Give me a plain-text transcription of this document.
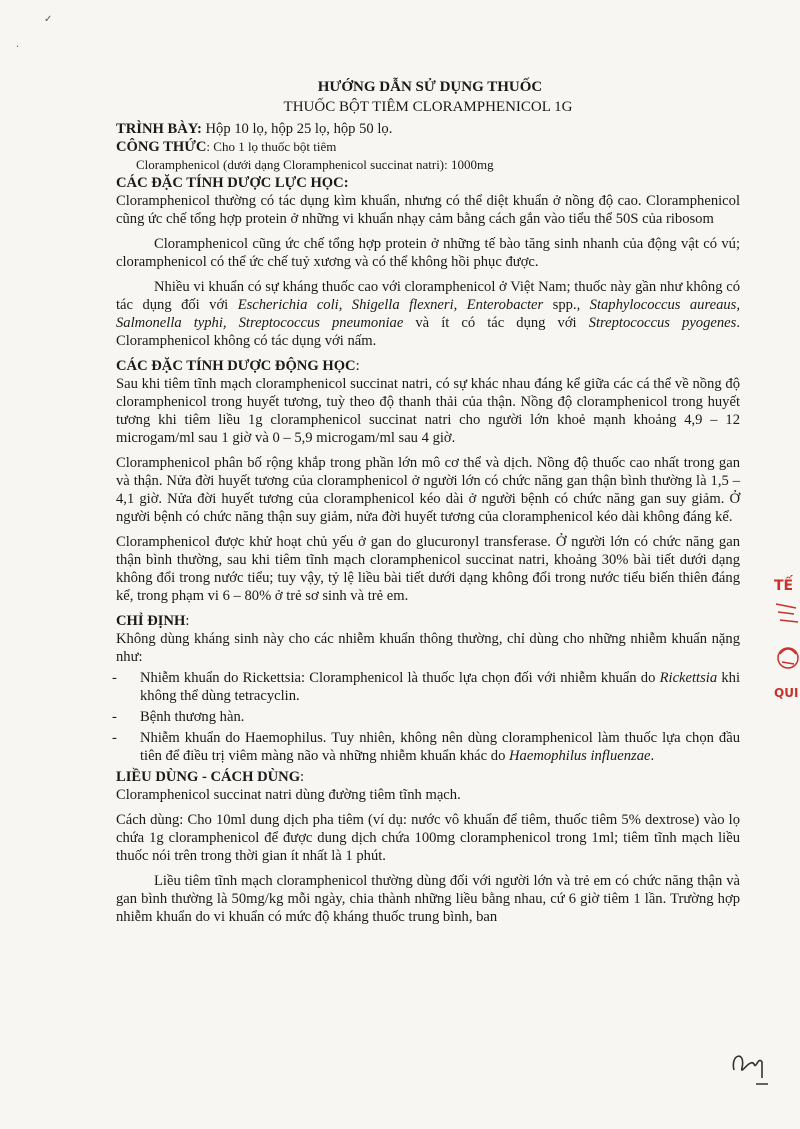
✓
·

HƯỚNG DẪN SỬ DỤNG THUỐC

THUỐC BỘT TIÊM CLORAMPHENICOL 1G

TRÌNH BÀY: Hộp 10 lọ, hộp 25 lọ, hộp 50 lọ.

CÔNG THỨC: Cho 1 lọ thuốc bột tiêm

Cloramphenicol (dưới dạng Cloramphenicol succinat natri): 1000mg

CÁC ĐẶC TÍNH DƯỢC LỰC HỌC:

Cloramphenicol thường có tác dụng kìm khuẩn, nhưng có thể diệt khuẩn ở nồng độ cao. Cloramphenicol cũng ức chế tổng hợp protein ở những vi khuẩn nhạy cảm bằng cách gắn vào tiểu thể 50S của ribosom

Cloramphenicol cũng ức chế tổng hợp protein ở những tế bào tăng sinh nhanh của động vật có vú; cloramphenicol có thể ức chế tuỷ xương và có thể không hồi phục được.

Nhiều vi khuẩn có sự kháng thuốc cao với cloramphenicol ở Việt Nam; thuốc này gần như không có tác dụng đối với Escherichia coli, Shigella flexneri, Enterobacter spp., Staphylococcus aureaus, Salmonella typhi, Streptococcus pneumoniae và ít có tác dụng với Streptococcus pyogenes. Cloramphenicol không có tác dụng với nấm.

CÁC ĐẶC TÍNH DƯỢC ĐỘNG HỌC:

Sau khi tiêm tĩnh mạch cloramphenicol succinat natri, có sự khác nhau đáng kể giữa các cá thể về nồng độ cloramphenicol trong huyết tương, tuỳ theo độ thanh thải của thận. Nồng độ cloramphenicol trong huyết tương khi tiêm liều 1g cloramphenicol succinat natri cho người lớn khoẻ mạnh khoảng 4,9 – 12 microgam/ml sau 1 giờ và 0 – 5,9 microgam/ml sau 4 giờ.

Cloramphenicol phân bố rộng khắp trong phần lớn mô cơ thể và dịch. Nồng độ thuốc cao nhất trong gan và thận. Nửa đời huyết tương của cloramphenicol ở người lớn có chức năng gan thận bình thường là 1,5 – 4,1 giờ. Nửa đời huyết tương của cloramphenicol kéo dài ở người bệnh có chức năng gan suy giảm. Ở người bệnh có chức năng thận suy giảm, nửa đời huyết tương của cloramphenicol kéo dài không đáng kể.

Cloramphenicol được khử hoạt chủ yếu ở gan do glucuronyl transferase. Ở người lớn có chức năng gan thận bình thường, sau khi tiêm tĩnh mạch cloramphenicol succinat natri, khoảng 30% bài tiết dưới dạng không đổi trong nước tiểu; tuy vậy, tỷ lệ liều bài tiết dưới dạng không đổi trong nước tiểu biến thiên đáng kể, trong phạm vi 6 – 80% ở trẻ sơ sinh và trẻ em.

CHỈ ĐỊNH:

Không dùng kháng sinh này cho các nhiễm khuẩn thông thường, chỉ dùng cho những nhiễm khuẩn nặng như:

- Nhiễm khuẩn do Rickettsia: Cloramphenicol là thuốc lựa chọn đối với nhiễm khuẩn do Rickettsia khi không thể dùng tetracyclin.
- Bệnh thương hàn.
- Nhiễm khuẩn do Haemophilus. Tuy nhiên, không nên dùng cloramphenicol làm thuốc lựa chọn đầu tiên để điều trị viêm màng não và những nhiễm khuẩn khác do Haemophilus influenzae.

LIỀU DÙNG - CÁCH DÙNG:

Cloramphenicol succinat natri dùng đường tiêm tĩnh mạch.

Cách dùng: Cho 10ml dung dịch pha tiêm (ví dụ: nước vô khuẩn để tiêm, thuốc tiêm 5% dextrose) vào lọ chứa 1g cloramphenicol để được dung dịch chứa 100mg cloramphenicol trong 1ml; tiêm tĩnh mạch liều thuốc nói trên trong thời gian ít nhất là 1 phút.

Liều tiêm tĩnh mạch cloramphenicol thường dùng đối với người lớn và trẻ em có chức năng thận và gan bình thường là 50mg/kg mỗi ngày, chia thành những liều bằng nhau, cứ 6 giờ tiêm 1 lần. Trường hợp nhiễm khuẩn do vi khuẩn có mức độ kháng thuốc trung bình, ban

TẾ
QUI
